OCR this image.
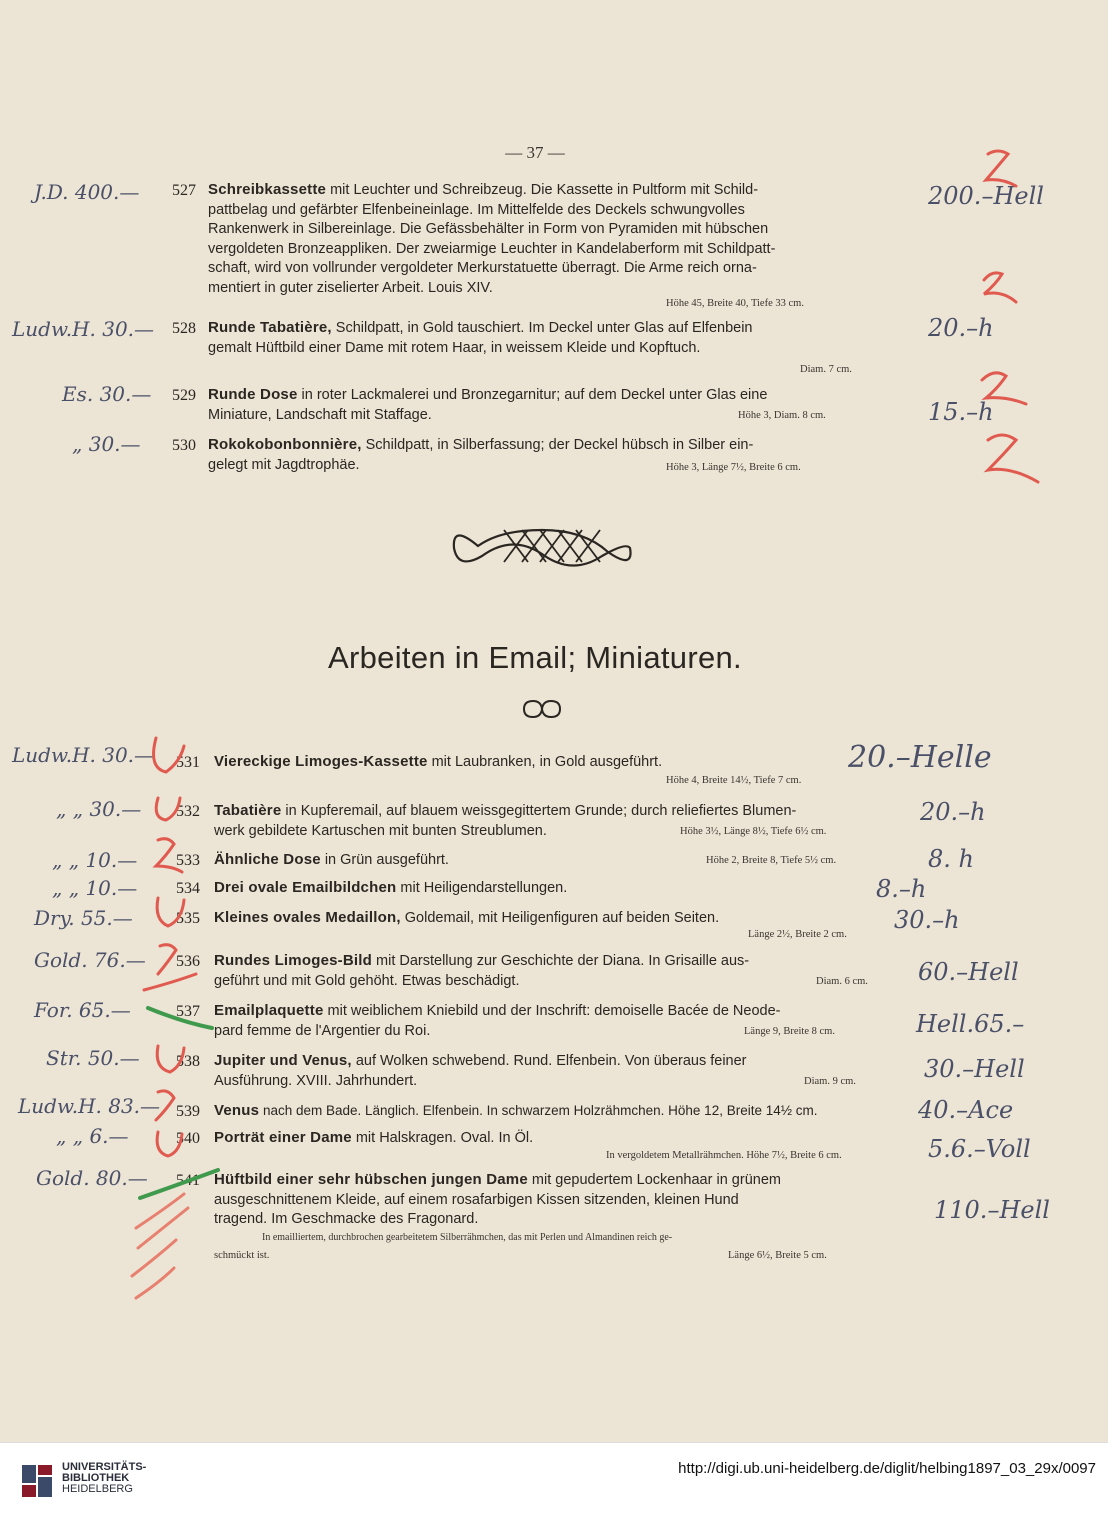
— 37 —
J.D. 400.— 527 Schreibkassette mit Leuchter und Schreibzeug. Die Kassette in Pultform mit Schild-
pattbelag und gefärbter Elfenbeineinlage. Im Mittelfelde des Deckels schwungvolles
Rankenwerk in Silbereinlage. Die Gefässbehälter in Form von Pyramiden mit hübschen
vergoldeten Bronzeappliken. Der zweiarmige Leuchter in Kandelaberform mit Schildpatt-
schaft, wird von vollrunder vergoldeter Merkurstatuette überragt. Die Arme reich orna-
mentiert in guter ziselierter Arbeit. Louis XIV.
Höhe 45, Breite 40, Tiefe 33 cm.
200.–Hell
Ludw.H. 30.— 528 Runde Tabatière, Schildpatt, in Gold tauschiert. Im Deckel unter Glas auf Elfenbein
gemalt Hüftbild einer Dame mit rotem Haar, in weissem Kleide und Kopftuch.
Diam. 7 cm.
20.–h
Es. 30.— 529 Runde Dose in roter Lackmalerei und Bronzegarnitur; auf dem Deckel unter Glas eine
Miniature, Landschaft mit Staffage.	Höhe 3, Diam. 8 cm.	15.–h
„ 30.— 530 Rokokobonbonnière, Schildpatt, in Silberfassung; der Deckel hübsch in Silber ein-
gelegt mit Jagdtrophäe.	Höhe 3, Länge 7½, Breite 6 cm.
Arbeiten in Email; Miniaturen.
Ludw.H. 30.— 531 Viereckige Limoges-Kassette mit Laubranken, in Gold ausgeführt.
Höhe 4, Breite 14½, Tiefe 7 cm.
20.–Helle
„ „ 30.— 532 Tabatière in Kupferemail, auf blauem weissgegittertem Grunde; durch reliefiertes Blumen-
werk gebildete Kartuschen mit bunten Streublumen.	Höhe 3½, Länge 8½, Tiefe 6½ cm.
20.–h
„ „ 10.— 533 Ähnliche Dose in Grün ausgeführt.	Höhe 2, Breite 8, Tiefe 5½ cm.	8. h
„ „ 10.— 534 Drei ovale Emailbildchen mit Heiligendarstellungen.	8.–h
Dry. 55.—	535 Kleines ovales Medaillon, Goldemail, mit Heiligenfiguren auf beiden Seiten.
Länge 2½, Breite 2 cm.
30.–h
Gold. 76.— 536 Rundes Limoges-Bild mit Darstellung zur Geschichte der Diana. In Grisaille aus-
geführt und mit Gold gehöht. Etwas beschädigt.	Diam. 6 cm. 60.–Hell
For. 65.—	537 Emailplaquette mit weiblichem Kniebild und der Inschrift: demoiselle Bacée de Neode-
pard femme de l'Argentier du Roi.	Länge 9, Breite 8 cm.	Hell.65.–
Str. 50.— 538 Jupiter und Venus, auf Wolken schwebend. Rund. Elfenbein. Von überaus feiner
Ausführung. XVIII. Jahrhundert.	Diam. 9 cm.	30.–Hell
Ludw.H. 83.— 539 Venus nach dem Bade. Länglich. Elfenbein. In schwarzem Holzrähmchen. Höhe 12, Breite 14½ cm.	40.–Ace
„ „ 6.—	540 Porträt einer Dame mit Halskragen. Oval. In Öl.
In vergoldetem Metallrähmchen. Höhe 7½, Breite 6 cm.	5.6.–Voll
Gold. 80.— 541 Hüftbild einer sehr hübschen jungen Dame mit gepudertem Lockenhaar in grünem
ausgeschnittenem Kleide, auf einem rosafarbigen Kissen sitzenden, kleinen Hund
tragend. Im Geschmacke des Fragonard.
In emailliertem, durchbrochen gearbeitetem Silberrähmchen, das mit Perlen und Almandinen reich ge-
schmückt ist.	Länge 6½, Breite 5 cm.
110.–Hell
UNIVERSITÄTS-
BIBLIOTHEK
HEIDELBERG
http://digi.ub.uni-heidelberg.de/diglit/helbing1897_03_29x/0097
